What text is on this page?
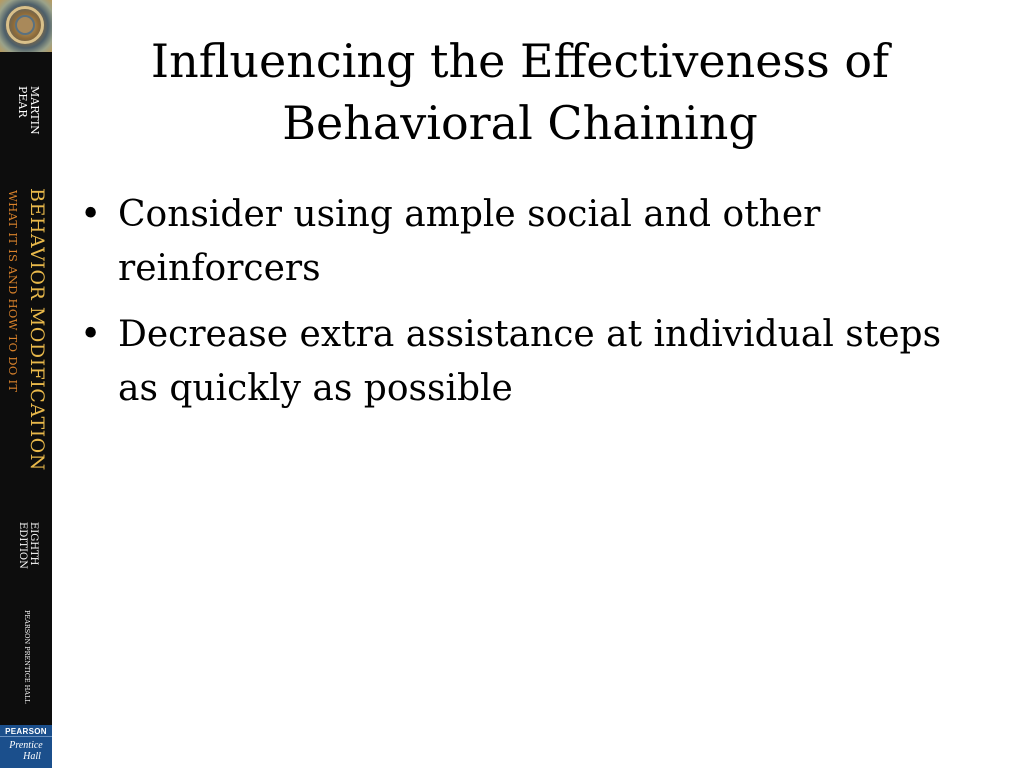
MARTIN
PEAR
BEHAVIOR MODIFICATION
WHAT IT IS AND HOW TO DO IT
EIGHTH
EDITION
PEARSON PRENTICE HALL
PEARSON
Prentice
Hall
Influencing the Effectiveness of Behavioral Chaining
• Consider using ample social and other reinforcers
• Decrease extra assistance at individual steps as quickly as possible
